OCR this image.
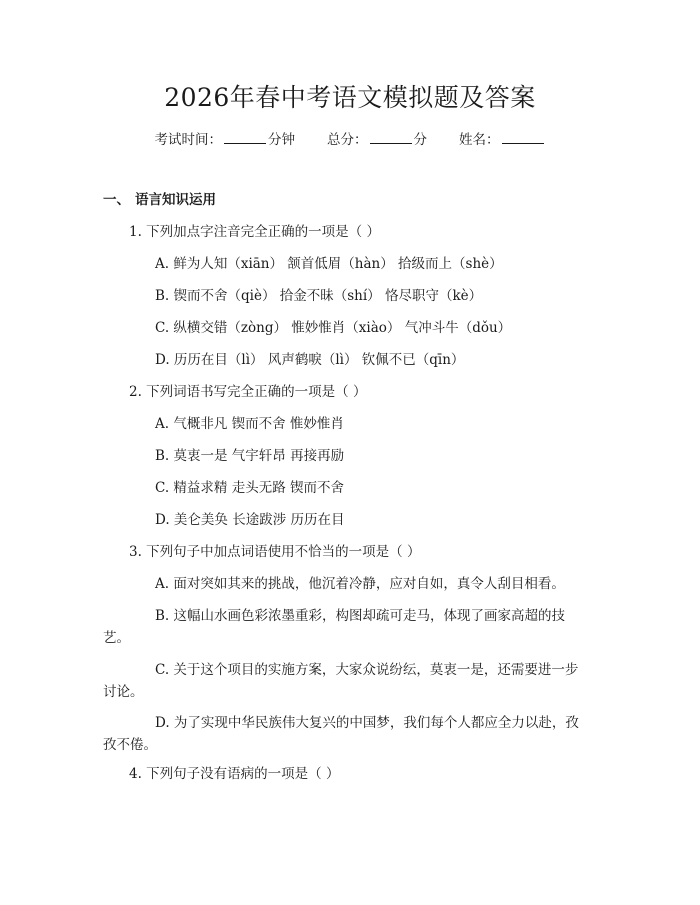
2026年春中考语文模拟题及答案
考试时间：	分钟 总分：	分 姓名：
一、 语言知识运用
1. 下列加点字注音完全正确的一项是（ ）
A. 鲜为人知（xiān） 颔首低眉（hàn） 拾级而上（shè）
B. 锲而不舍（qiè） 拾金不昧（shí） 恪尽职守（kè）
C. 纵横交错（zòng） 惟妙惟肖（xiào） 气冲斗牛（dǒu）
D. 历历在目（lì） 风声鹤唳（lì） 钦佩不已（qīn）
2. 下列词语书写完全正确的一项是（ ）
A. 气概非凡 锲而不舍 惟妙惟肖
B. 莫衷一是 气宇轩昂 再接再励
C. 精益求精 走头无路 锲而不舍
D. 美仑美奂 长途跋涉 历历在目
3. 下列句子中加点词语使用不恰当的一项是（ ）
A. 面对突如其来的挑战，他沉着冷静，应对自如，真令人刮目相看。
B. 这幅山水画色彩浓墨重彩，构图却疏可走马，体现了画家高超的技
艺。
C. 关于这个项目的实施方案，大家众说纷纭，莫衷一是，还需要进一步
讨论。
D. 为了实现中华民族伟大复兴的中国梦，我们每个人都应全力以赴，孜
孜不倦。
4. 下列句子没有语病的一项是（ ）
